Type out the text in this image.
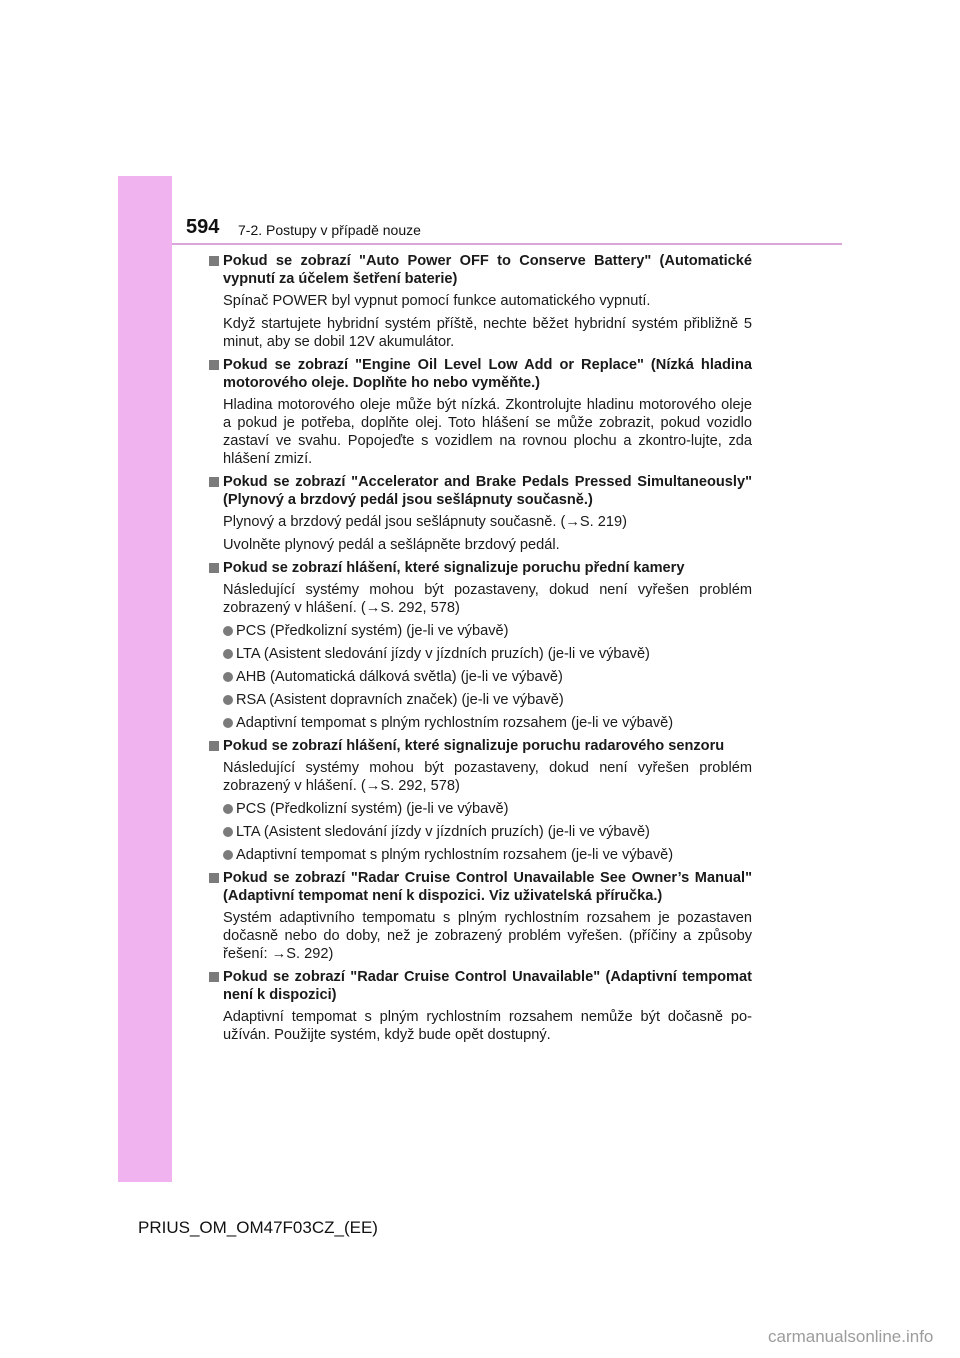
594 7-2. Postupy v případě nouze
Pokud se zobrazí "Auto Power OFF to Conserve Battery" (Automatické vypnutí za účelem šetření baterie)

Spínač POWER byl vypnut pomocí funkce automatického vypnutí.

Když startujete hybridní systém příště, nechte běžet hybridní systém přibližně 5 minut, aby se dobil 12V akumulátor.

Pokud se zobrazí "Engine Oil Level Low Add or Replace" (Nízká hladina motorového oleje. Doplňte ho nebo vyměňte.)

Hladina motorového oleje může být nízká. Zkontrolujte hladinu motorového oleje a pokud je potřeba, doplňte olej. Toto hlášení se může zobrazit, pokud vozidlo zastaví ve svahu. Popojeďte s vozidlem na rovnou plochu a zkontro-lujte, zda hlášení zmizí.

Pokud se zobrazí "Accelerator and Brake Pedals Pressed Simultaneously" (Plynový a brzdový pedál jsou sešlápnuty současně.)

Plynový a brzdový pedál jsou sešlápnuty současně. (→S. 219)

Uvolněte plynový pedál a sešlápněte brzdový pedál.

Pokud se zobrazí hlášení, které signalizuje poruchu přední kamery

Následující systémy mohou být pozastaveny, dokud není vyřešen problém zobrazený v hlášení. (→S. 292, 578)

PCS (Předkolizní systém) (je-li ve výbavě)
LTA (Asistent sledování jízdy v jízdních pruzích) (je-li ve výbavě)
AHB (Automatická dálková světla) (je-li ve výbavě)
RSA (Asistent dopravních značek) (je-li ve výbavě)
Adaptivní tempomat s plným rychlostním rozsahem (je-li ve výbavě)
Pokud se zobrazí hlášení, které signalizuje poruchu radarového senzoru

Následující systémy mohou být pozastaveny, dokud není vyřešen problém zobrazený v hlášení. (→S. 292, 578)

PCS (Předkolizní systém) (je-li ve výbavě)
LTA (Asistent sledování jízdy v jízdních pruzích) (je-li ve výbavě)
Adaptivní tempomat s plným rychlostním rozsahem (je-li ve výbavě)
Pokud se zobrazí "Radar Cruise Control Unavailable See Owner’s Manual" (Adaptivní tempomat není k dispozici. Viz uživatelská příručka.)

Systém adaptivního tempomatu s plným rychlostním rozsahem je pozastaven dočasně nebo do doby, než je zobrazený problém vyřešen. (příčiny a způsoby řešení: →S. 292)

Pokud se zobrazí "Radar Cruise Control Unavailable" (Adaptivní tempomat není k dispozici)

Adaptivní tempomat s plným rychlostním rozsahem nemůže být dočasně po-užíván. Použijte systém, když bude opět dostupný.

PRIUS_OM_OM47F03CZ_(EE)
carmanualsonline.info
